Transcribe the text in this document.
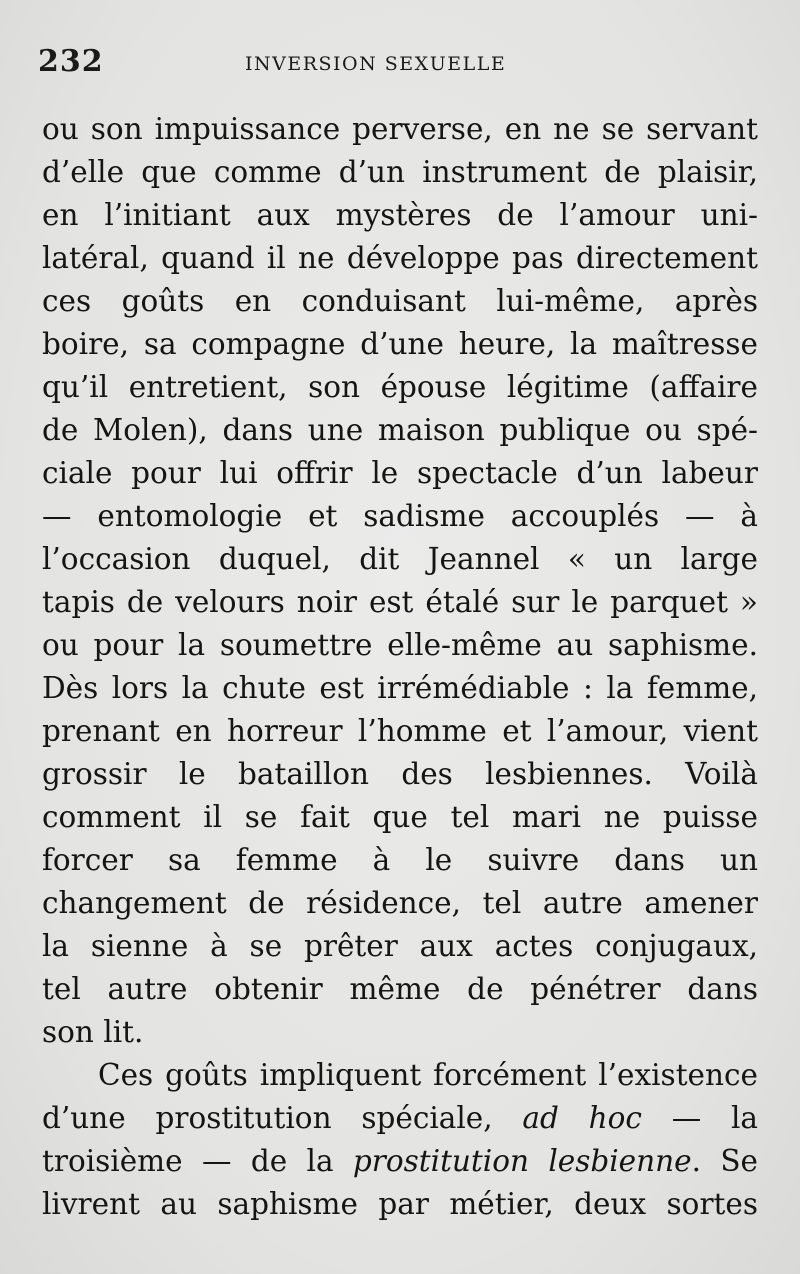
232	INVERSION SEXUELLE
ou son impuissance perverse, en ne se servant
d’elle que comme d’un instrument de plaisir,
en l’initiant aux mystères de l’amour uni-
latéral, quand il ne développe pas directement
ces goûts en conduisant lui-même, après
boire, sa compagne d’une heure, la maîtresse
qu’il entretient, son épouse légitime (affaire
de Molen), dans une maison publique ou spé-
ciale pour lui offrir le spectacle d’un labeur
— entomologie et sadisme accouplés — à
l’occasion duquel, dit Jeannel « un large
tapis de velours noir est étalé sur le parquet »
ou pour la soumettre elle-même au saphisme.
Dès lors la chute est irrémédiable : la femme,
prenant en horreur l’homme et l’amour, vient
grossir le bataillon des lesbiennes. Voilà
comment il se fait que tel mari ne puisse
forcer sa femme à le suivre dans un
changement de résidence, tel autre amener
la sienne à se prêter aux actes conjugaux,
tel autre obtenir même de pénétrer dans
son lit.
Ces goûts impliquent forcément l’existence
d’une prostitution spéciale, ad hoc — la
troisième — de la prostitution lesbienne. Se
livrent au saphisme par métier, deux sortes
